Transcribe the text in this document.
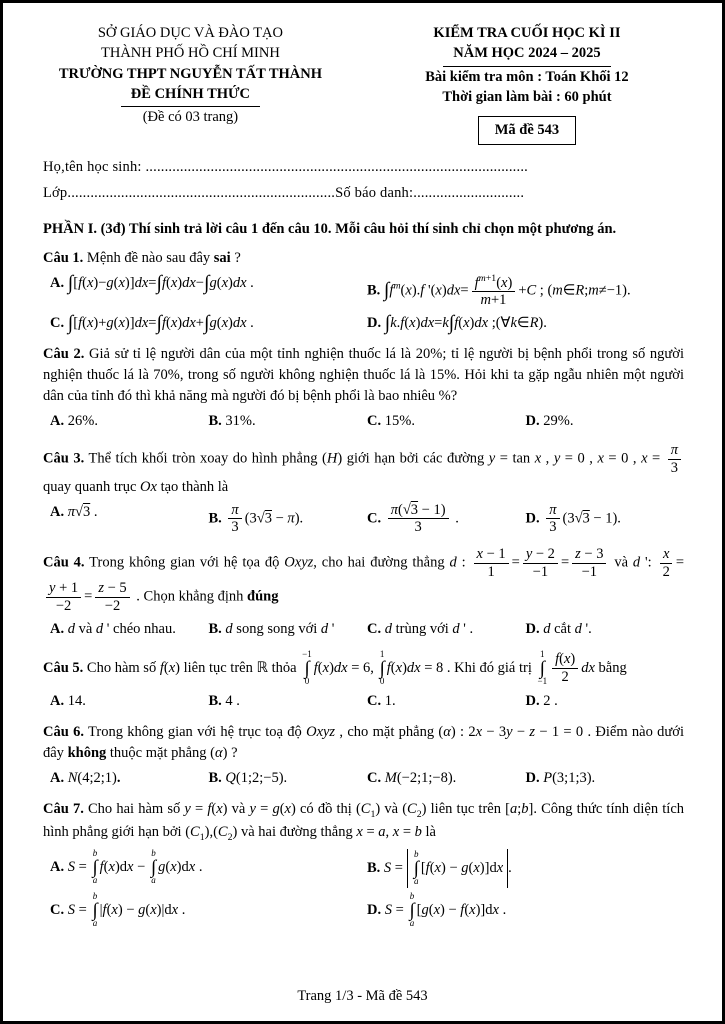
SỞ GIÁO DỤC VÀ ĐÀO TẠO
THÀNH PHỐ HỒ CHÍ MINH
TRƯỜNG THPT NGUYỄN TẤT THÀNH
ĐỀ CHÍNH THỨC
(Đề có 03 trang)
KIỂM TRA CUỐI HỌC KÌ II
NĂM HỌC 2024 – 2025
Bài kiểm tra môn : Toán Khối 12
Thời gian làm bài : 60 phút
Mã đề 543
Họ,tên học sinh: ....................................................................................................
Lớp......................................................................Số báo danh:.............................
PHẦN I. (3đ) Thí sinh trả lời câu 1 đến câu 10. Mỗi câu hỏi thí sinh chỉ chọn một phương án.
Câu 1. Mệnh đề nào sau đây sai ?
A. ∫[f(x)−g(x)]dx=∫f(x)dx−∫g(x)dx .	B. $\int f^m(x).f$ '$(x)dx= \frac{f^{m+1}(x)}{m+1} +C$ ; (m∈R;m≠−1).
C. ∫[f(x)+g(x)]dx=∫f(x)dx+∫g(x)dx .	D. ∫k.f(x)dx=k∫f(x)dx ;(∀k∈R).
Câu 2. Giả sử tỉ lệ người dân của một tỉnh nghiện thuốc lá là 20%; tỉ lệ người bị bệnh phổi trong số người nghiện thuốc lá là 70%, trong số người không nghiện thuốc lá là 15%. Hỏi khi ta gặp ngẫu nhiên một người dân của tỉnh đó thì khả năng mà người đó bị bệnh phổi là bao nhiêu %?
A. 26%.	B. 31%.	C. 15%.	D. 29%.
Câu 3. Thể tích khối tròn xoay do hình phẳng (H) giới hạn bởi các đường y = tan x , y = 0 , x = 0 , $x = \frac{\pi}{3}$
quay quanh trục Ox tạo thành là
A. π√3 .	B. $\frac{\pi}{3} (3√3 - \pi)$.	C. $\frac{\pi(√3 - 1)}{3}$ .	D. $\frac{\pi}{3} (3√3 - 1)$.
Câu 4. Trong không gian với hệ tọa độ Oxyz, cho hai đường thẳng d : $\frac{x - 1}{1} = \frac{y - 2}{-1} = \frac{z - 3}{-1}$ và d ': $\frac{x}{2}$ =
$\frac{y + 1}{-2} = \frac{z - 5}{-2}$ . Chọn khẳng định đúng
A. d và d ' chéo nhau.	B. d song song với d '	C. d trùng với d ' .	D. d cắt d '.
Câu 5. Cho hàm số f(x) liên tục trên ℝ thỏa
−1
∫
0
f(x)dx = 6,
1
∫
0
f(x)dx = 8 . Khi đó giá trị
1
∫
$-1 \frac{f(x)}{2}$ dx bằng
A. 14.	B. 4 .	C. 1.	D. 2 .
Câu 6. Trong không gian với hệ trục toạ độ Oxyz , cho mặt phẳng (α) : 2x − 3y − z − 1 = 0 . Điểm nào dưới đây không thuộc mặt phẳng (α) ?
A. N(4;2;1).	B. Q(1;2;−5).	C. M(−2;1;−8).	D. P(3;1;3).
Câu 7. Cho hai hàm số y = f(x) và y = g(x) có đồ thị $(C_1)$ và $(C_2)$ liên tục trên [a;b]. Công thức tính diện tích hình phẳng giới hạn bởi $(C_1),(C_2)$ và hai đường thẳng x = a, x = b là
A. S =
b
∫
a
f(x)dx −
b
∫
a
g(x)dx .	B. S =
b
∫
a
[f(x) − g(x)]dx .
C. S =
b
∫
a
|f(x) − g(x)|dx .	D. S =
b
∫
a
[g(x) − f(x)]dx .
Trang 1/3 - Mã đề 543
